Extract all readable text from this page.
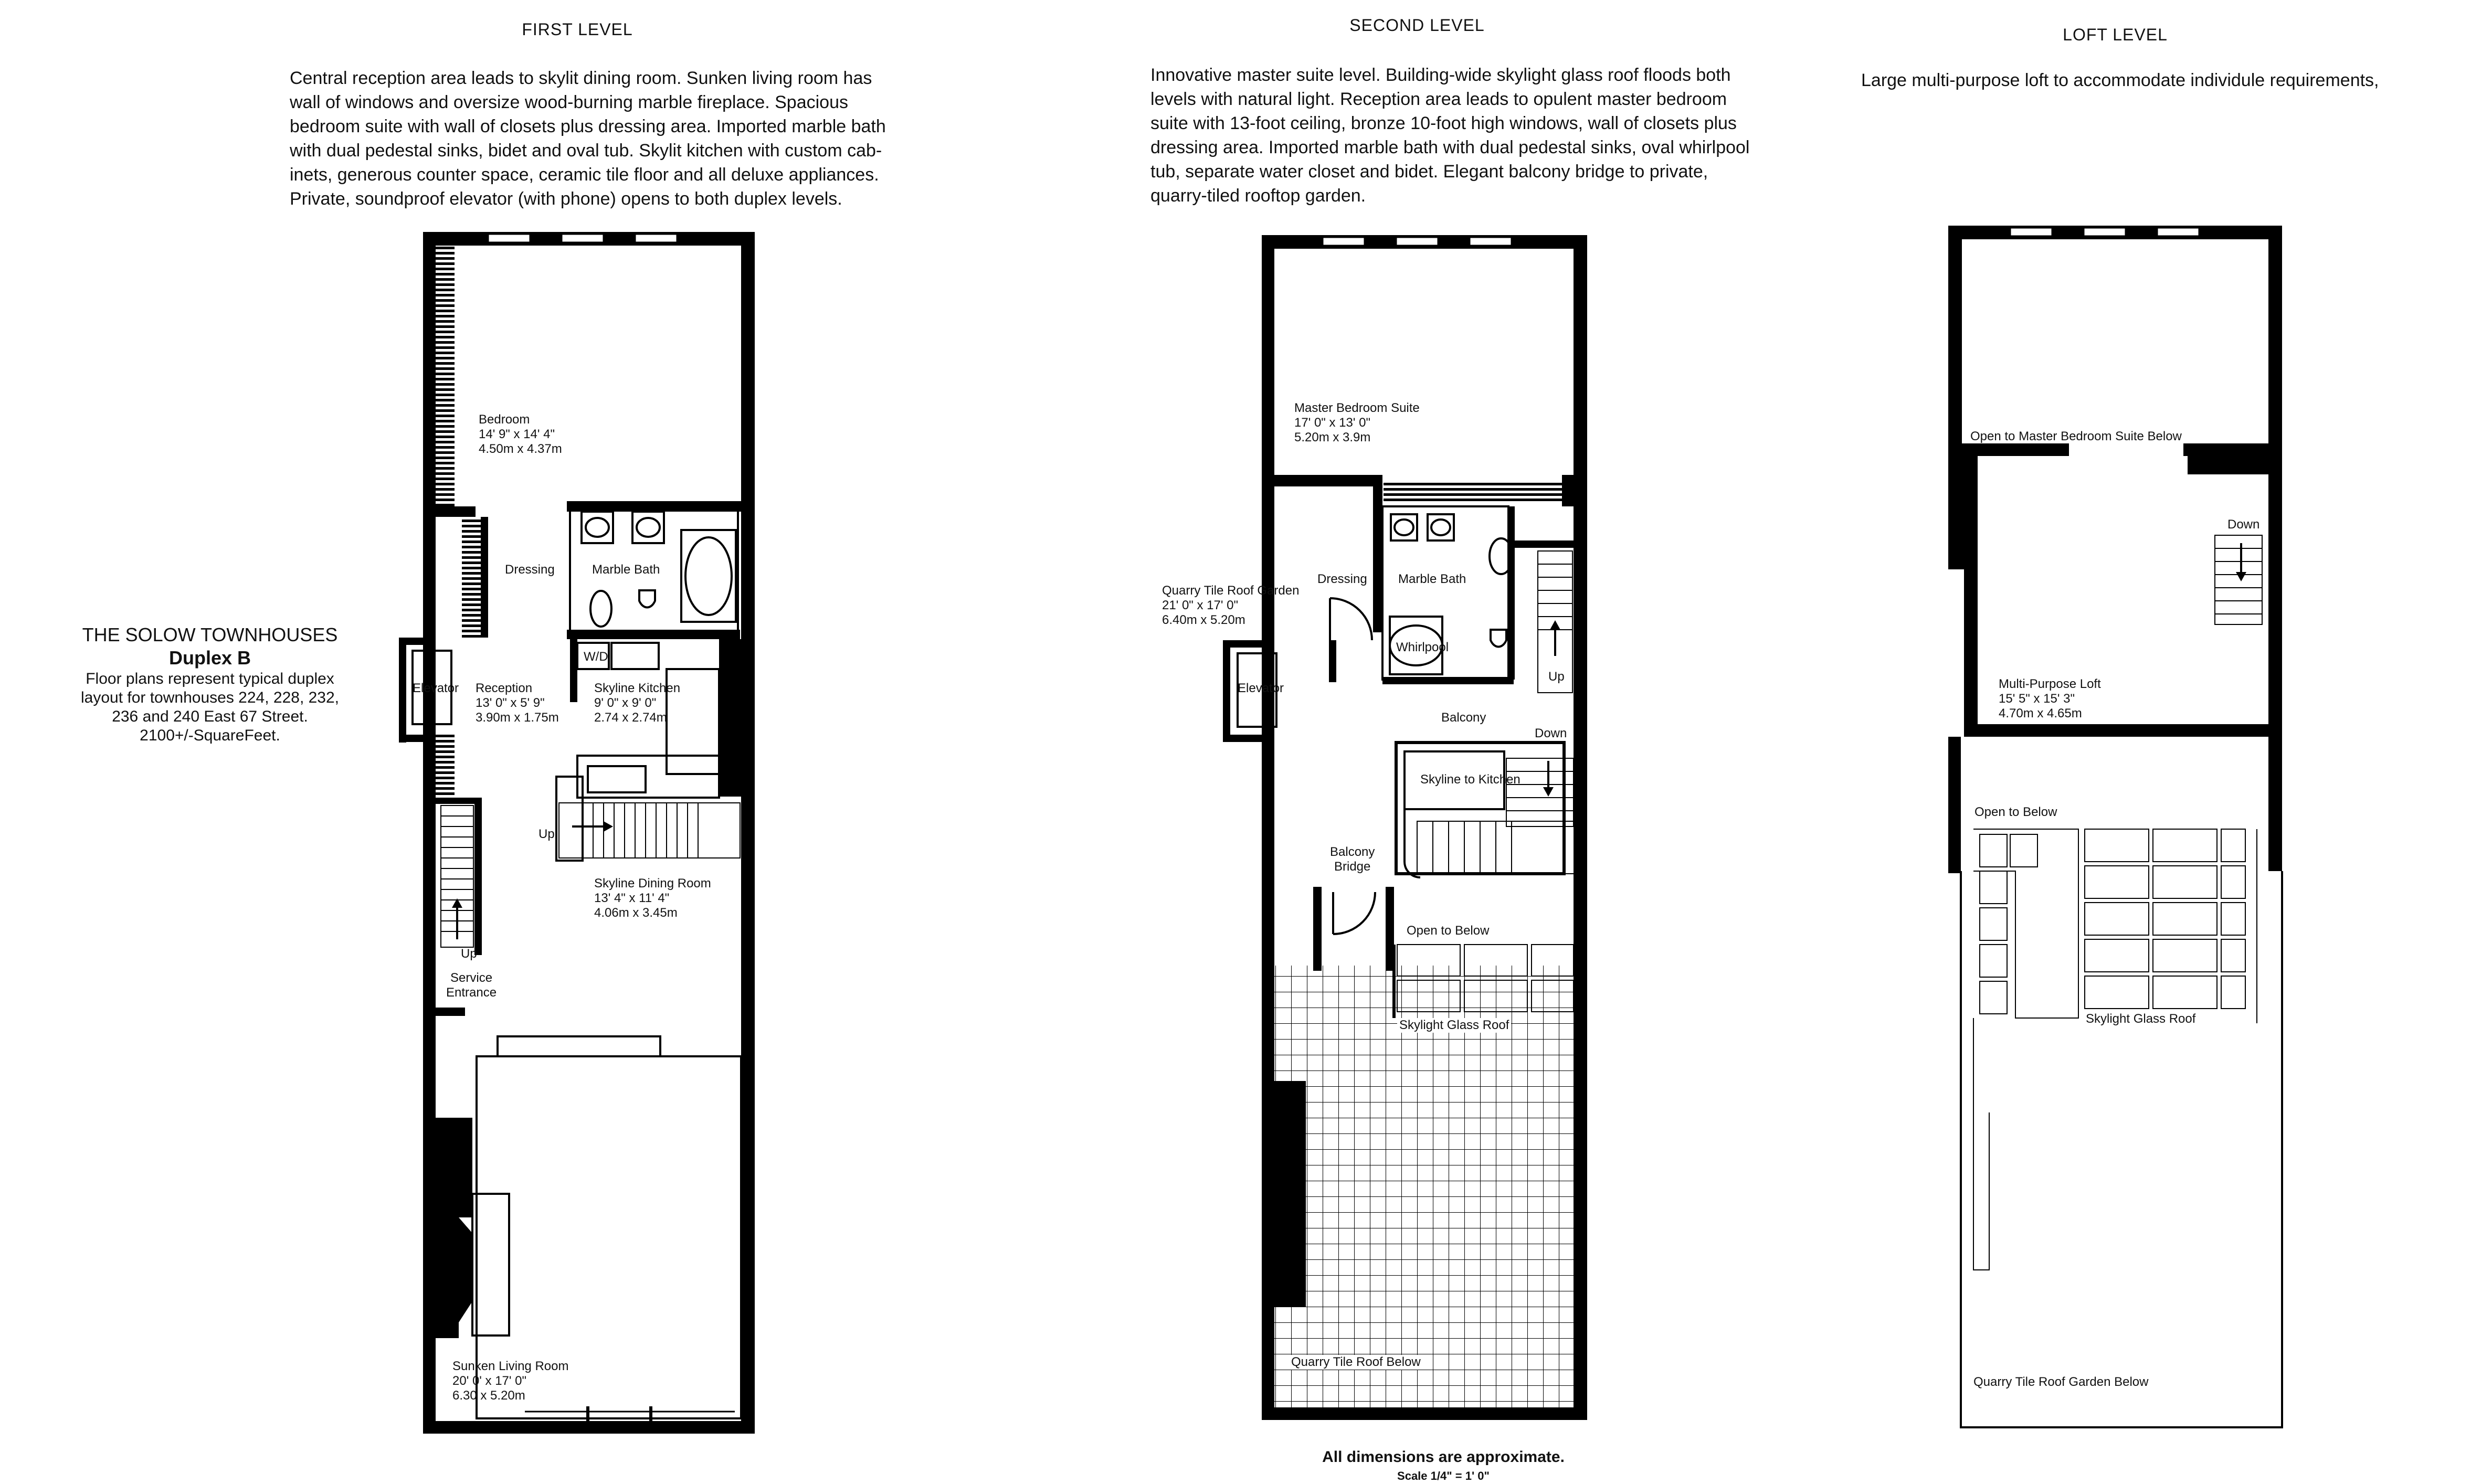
FIRST LEVEL	SECOND LEVEL	LOFT LEVEL
Central reception area leads to skylit dining room. Sunken living room has
wall of windows and oversize wood-burning marble fireplace. Spacious
bedroom suite with wall of closets plus dressing area. Imported marble bath
with dual pedestal sinks, bidet and oval tub. Skylit kitchen with custom cab-
inets, generous counter space, ceramic tile floor and all deluxe appliances.
Private, soundproof elevator (with phone) opens to both duplex levels.
Innovative master suite level. Building-wide skylight glass roof floods both
levels with natural light. Reception area leads to opulent master bedroom
suite with 13-foot ceiling, bronze 10-foot high windows, wall of closets plus
dressing area. Imported marble bath with dual pedestal sinks, oval whirlpool
tub, separate water closet and bidet. Elegant balcony bridge to private,
quarry-tiled rooftop garden.
Large multi-purpose loft to accommodate individule requirements,
THE SOLOW TOWNHOUSES
Duplex B
Floor plans represent typical duplex
layout for townhouses 224, 228, 232,
236 and 240 East 67 Street.
2100+/-SquareFeet.
Bedroom
14' 9" x 14' 4"
4.50m x 4.37m
Dressing	Marble Bath
Elevator Reception
13' 0" x 5' 9"
3.90m x 1.75m
W/D
Skyline Kitchen
9' 0" x 9' 0"
2.74 x 2.74m
Up
Skyline Dining Room
13' 4" x 11' 4"
4.06m x 3.45m
Up
Service
Entrance
Sunken Living Room
20' 0' x 17' 0"
6.30 x 5.20m
Master Bedroom Suite
17' 0" x 13' 0"
5.20m x 3.9m
Quarry Tile Roof Garden
21' 0" x 17' 0"
6.40m x 5.20m
Dressing Marble Bath
Whirlpool
Elevator
Up
Balcony
Down
Skyline to Kitchen
Balcony
Bridge
Open to Below
Skylight Glass Roof
Quarry Tile Roof Below
Open to Master Bedroom Suite Below
Down
Multi-Purpose Loft
15' 5" x 15' 3"
4.70m x 4.65m
Open to Below
Skylight Glass Roof
Quarry Tile Roof Garden Below
All dimensions are approximate.
Scale 1/4" = 1' 0"
